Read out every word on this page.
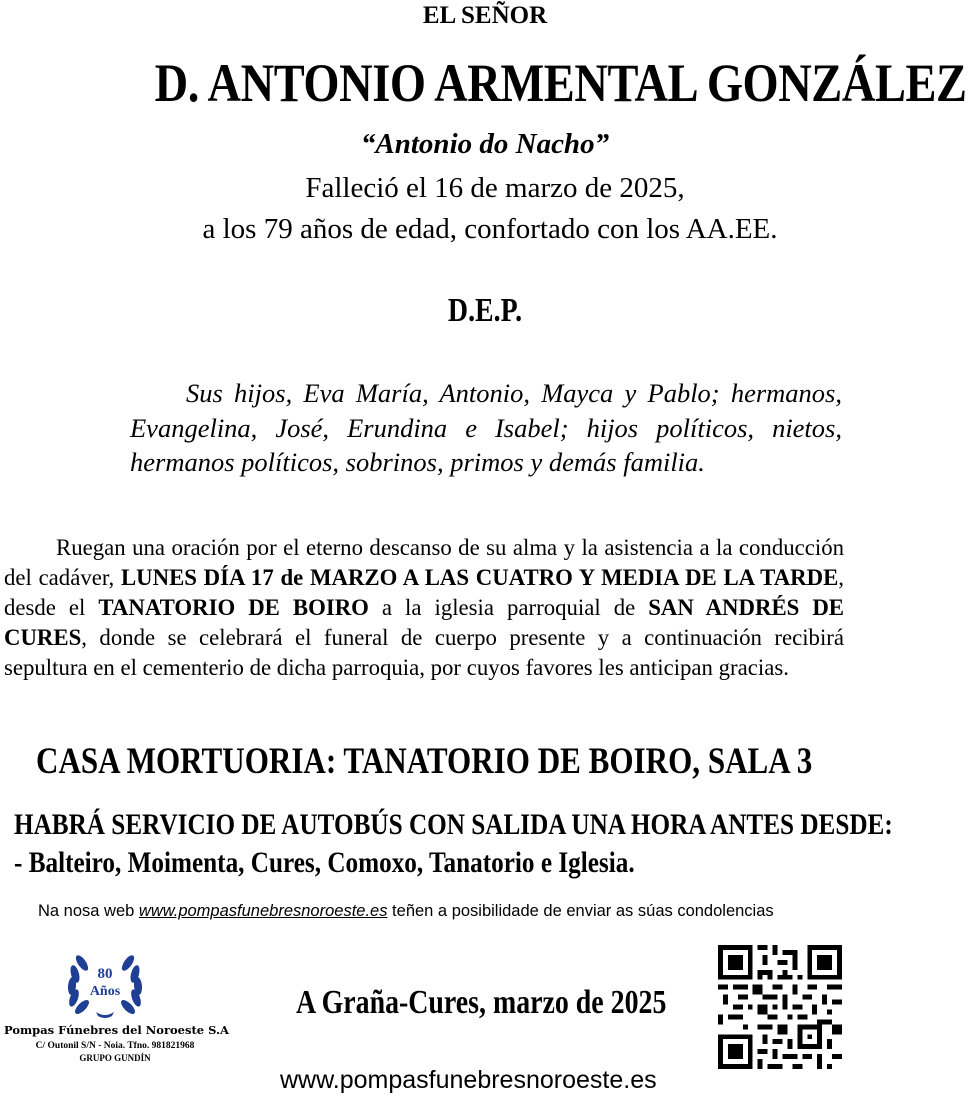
EL SEÑOR
D. ANTONIO ARMENTAL GONZÁLEZ
“Antonio do Nacho”
Falleció el 16 de marzo de 2025,
a los 79 años de edad, confortado con los AA.EE.
D.E.P.
Sus hijos, Eva María, Antonio, Mayca y Pablo; hermanos, Evangelina, José, Erundina e Isabel; hijos políticos, nietos, hermanos políticos, sobrinos, primos y demás familia.
Ruegan una oración por el eterno descanso de su alma y la asistencia a la conducción del cadáver, LUNES DÍA 17 de MARZO A LAS CUATRO Y MEDIA DE LA TARDE, desde el TANATORIO DE BOIRO a la iglesia parroquial de SAN ANDRÉS DE CURES, donde se celebrará el funeral de cuerpo presente y a continuación recibirá sepultura en el cementerio de dicha parroquia, por cuyos favores les anticipan gracias.
CASA MORTUORIA: TANATORIO DE BOIRO, SALA 3
HABRÁ SERVICIO DE AUTOBÚS CON SALIDA UNA HORA ANTES DESDE:
- Balteiro, Moimenta, Cures, Comoxo, Tanatorio e Iglesia.
Na nosa web www.pompasfunebresnoroeste.es teñen a posibilidade de enviar as súas condolencias
80
Años
Pompas Fúnebres del Noroeste S.A
C/ Outonil S/N - Noia. Tfno. 981821968
GRUPO GUNDÍN
A Graña-Cures, marzo de 2025
www.pompasfunebresnoroeste.es
